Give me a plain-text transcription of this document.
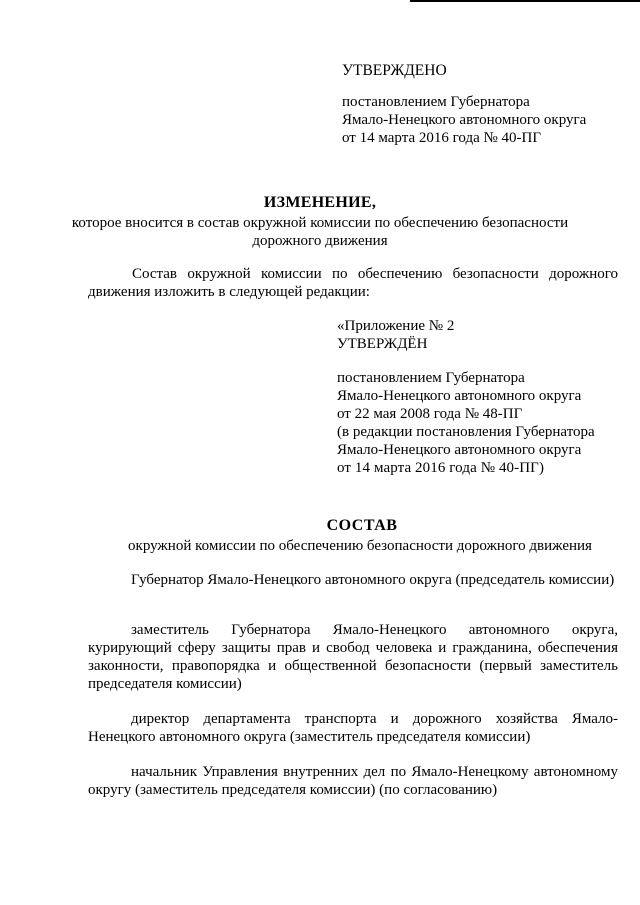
УТВЕРЖДЕНО
постановлением Губернатора
Ямало-Ненецкого автономного округа
от 14 марта 2016 года № 40-ПГ
ИЗМЕНЕНИЕ,
которое вносится в состав окружной комиссии по обеспечению безопасности дорожного движения
Состав окружной комиссии по обеспечению безопасности дорожного движения изложить в следующей редакции:
«Приложение № 2
УТВЕРЖДЁН
постановлением Губернатора
Ямало-Ненецкого автономного округа
от 22 мая 2008 года № 48-ПГ
(в редакции постановления Губернатора
Ямало-Ненецкого автономного округа
от 14 марта 2016 года № 40-ПГ)
СОСТАВ
окружной комиссии по обеспечению безопасности дорожного движения

Губернатор Ямало-Ненецкого автономного округа (председатель комиссии)

заместитель Губернатора Ямало-Ненецкого автономного округа, курирующий сферу защиты прав и свобод человека и гражданина, обеспечения законности, правопорядка и общественной безопасности (первый заместитель председателя комиссии)

директор департамента транспорта и дорожного хозяйства Ямало-Ненецкого автономного округа (заместитель председателя комиссии)

начальник Управления внутренних дел по Ямало-Ненецкому автономному округу (заместитель председателя комиссии) (по согласованию)
